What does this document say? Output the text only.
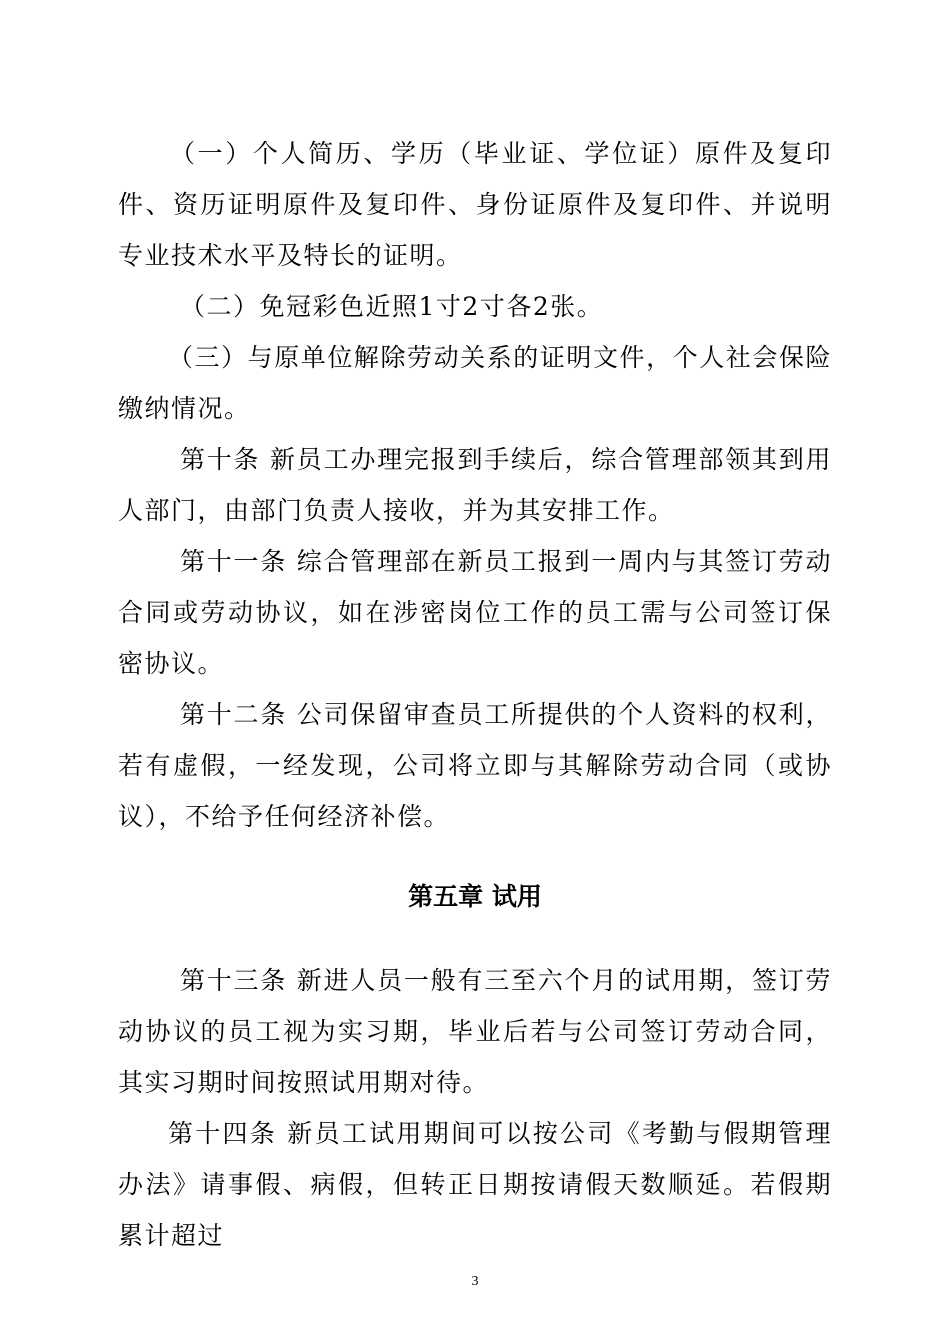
（一）个人简历、学历（毕业证、学位证）原件及复印件、资历证明原件及复印件、身份证原件及复印件、并说明专业技术水平及特长的证明。

（二）免冠彩色近照1寸2寸各2张。

（三）与原单位解除劳动关系的证明文件，个人社会保险缴纳情况。

第十条 新员工办理完报到手续后，综合管理部领其到用人部门，由部门负责人接收，并为其安排工作。

第十一条 综合管理部在新员工报到一周内与其签订劳动合同或劳动协议，如在涉密岗位工作的员工需与公司签订保密协议。

第十二条 公司保留审查员工所提供的个人资料的权利，若有虚假，一经发现，公司将立即与其解除劳动合同（或协议），不给予任何经济补偿。

第五章 试用

第十三条 新进人员一般有三至六个月的试用期，签订劳动协议的员工视为实习期，毕业后若与公司签订劳动合同，其实习期时间按照试用期对待。

第十四条 新员工试用期间可以按公司《考勤与假期管理办法》请事假、病假，但转正日期按请假天数顺延。若假期累计超过

3
